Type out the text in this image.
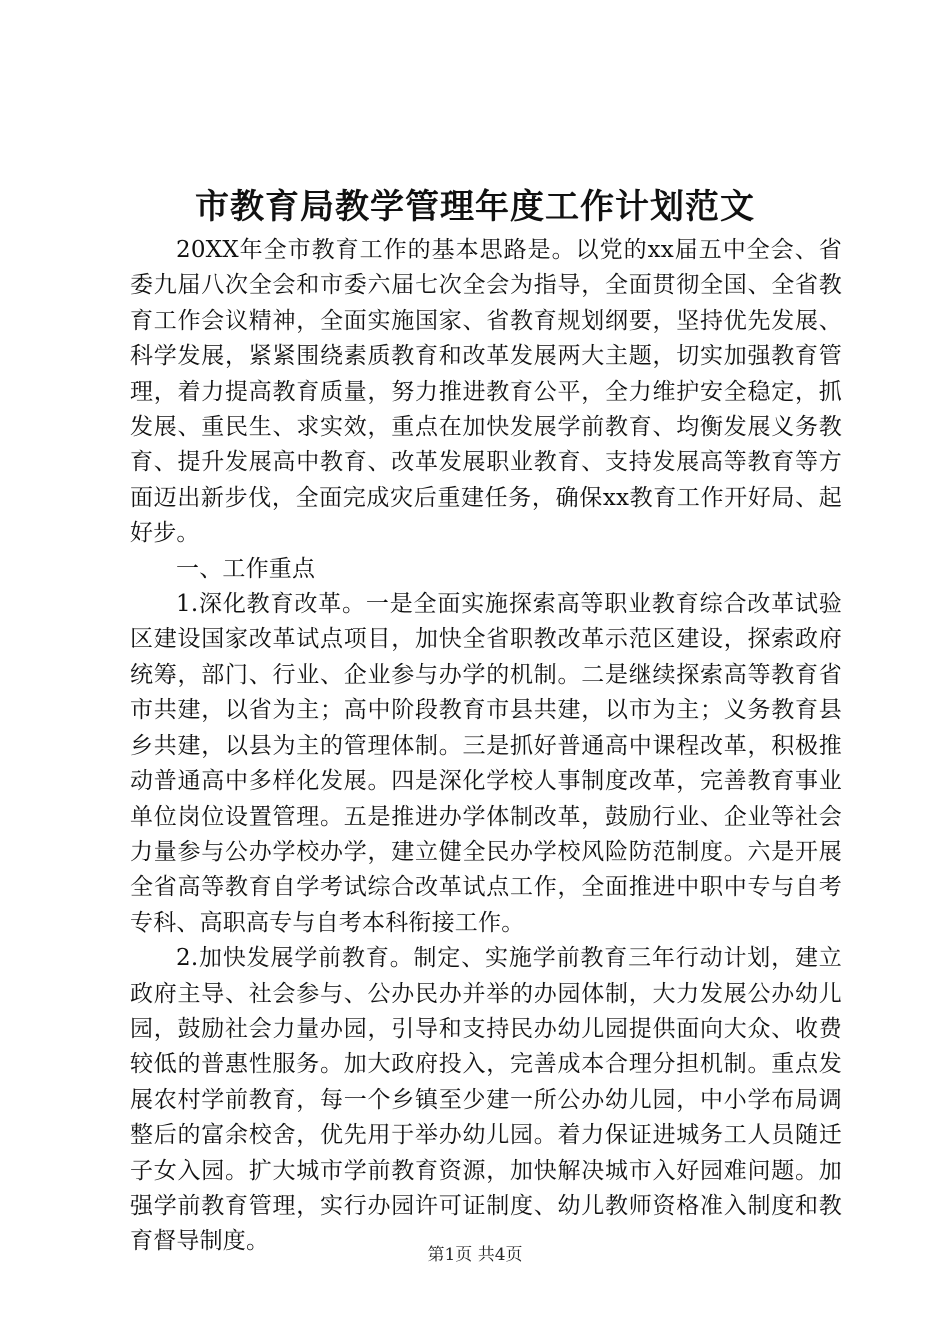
市教育局教学管理年度工作计划范文

20XX年全市教育工作的基本思路是。以党的xx届五中全会、省委九届八次全会和市委六届七次全会为指导，全面贯彻全国、全省教育工作会议精神，全面实施国家、省教育规划纲要，坚持优先发展、科学发展，紧紧围绕素质教育和改革发展两大主题，切实加强教育管理，着力提高教育质量，努力推进教育公平，全力维护安全稳定，抓发展、重民生、求实效，重点在加快发展学前教育、均衡发展义务教育、提升发展高中教育、改革发展职业教育、支持发展高等教育等方面迈出新步伐，全面完成灾后重建任务，确保xx教育工作开好局、起好步。

一、工作重点

1.深化教育改革。一是全面实施探索高等职业教育综合改革试验区建设国家改革试点项目，加快全省职教改革示范区建设，探索政府统筹，部门、行业、企业参与办学的机制。二是继续探索高等教育省市共建，以省为主；高中阶段教育市县共建，以市为主；义务教育县乡共建，以县为主的管理体制。三是抓好普通高中课程改革，积极推动普通高中多样化发展。四是深化学校人事制度改革，完善教育事业单位岗位设置管理。五是推进办学体制改革，鼓励行业、企业等社会力量参与公办学校办学，建立健全民办学校风险防范制度。六是开展全省高等教育自学考试综合改革试点工作，全面推进中职中专与自考专科、高职高专与自考本科衔接工作。

2.加快发展学前教育。制定、实施学前教育三年行动计划，建立政府主导、社会参与、公办民办并举的办园体制，大力发展公办幼儿园，鼓励社会力量办园，引导和支持民办幼儿园提供面向大众、收费较低的普惠性服务。加大政府投入，完善成本合理分担机制。重点发展农村学前教育，每一个乡镇至少建一所公办幼儿园，中小学布局调整后的富余校舍，优先用于举办幼儿园。着力保证进城务工人员随迁子女入园。扩大城市学前教育资源，加快解决城市入好园难问题。加强学前教育管理，实行办园许可证制度、幼儿教师资格准入制度和教育督导制度。

第1页 共4页
